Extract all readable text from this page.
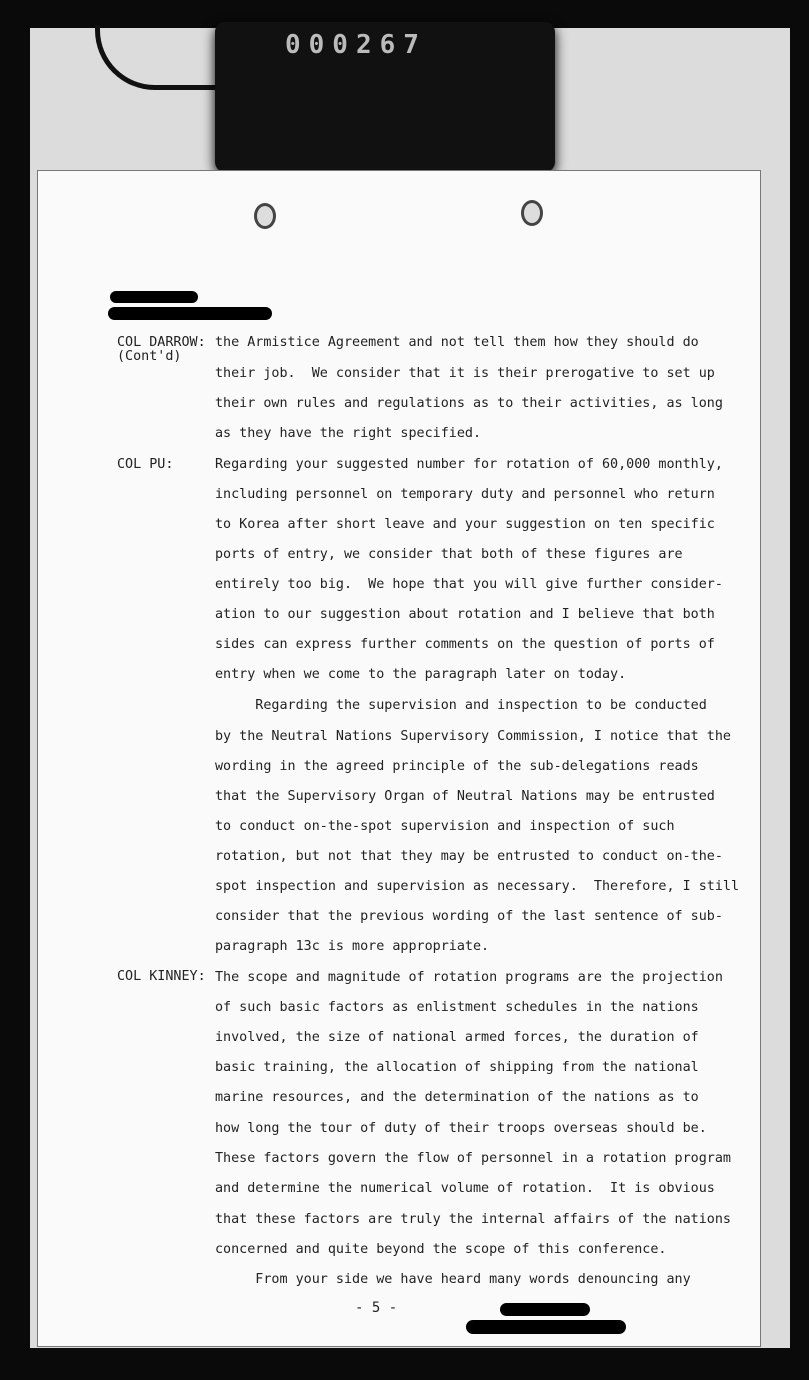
000267
COL DARROW:
(Cont'd)
COL PU:
COL KINNEY:
the Armistice Agreement and not tell them how they should do
their job.  We consider that it is their prerogative to set up
their own rules and regulations as to their activities, as long
as they have the right specified.
Regarding your suggested number for rotation of 60,000 monthly,
including personnel on temporary duty and personnel who return
to Korea after short leave and your suggestion on ten specific
ports of entry, we consider that both of these figures are
entirely too big.  We hope that you will give further consider-
ation to our suggestion about rotation and I believe that both
sides can express further comments on the question of ports of
entry when we come to the paragraph later on today.
Regarding the supervision and inspection to be conducted
by the Neutral Nations Supervisory Commission, I notice that the
wording in the agreed principle of the sub-delegations reads
that the Supervisory Organ of Neutral Nations may be entrusted
to conduct on-the-spot supervision and inspection of such
rotation, but not that they may be entrusted to conduct on-the-
spot inspection and supervision as necessary.  Therefore, I still
consider that the previous wording of the last sentence of sub-
paragraph 13c is more appropriate.
The scope and magnitude of rotation programs are the projection
of such basic factors as enlistment schedules in the nations
involved, the size of national armed forces, the duration of
basic training, the allocation of shipping from the national
marine resources, and the determination of the nations as to
how long the tour of duty of their troops overseas should be.
These factors govern the flow of personnel in a rotation program
and determine the numerical volume of rotation.  It is obvious
that these factors are truly the internal affairs of the nations
concerned and quite beyond the scope of this conference.
From your side we have heard many words denouncing any
- 5 -
